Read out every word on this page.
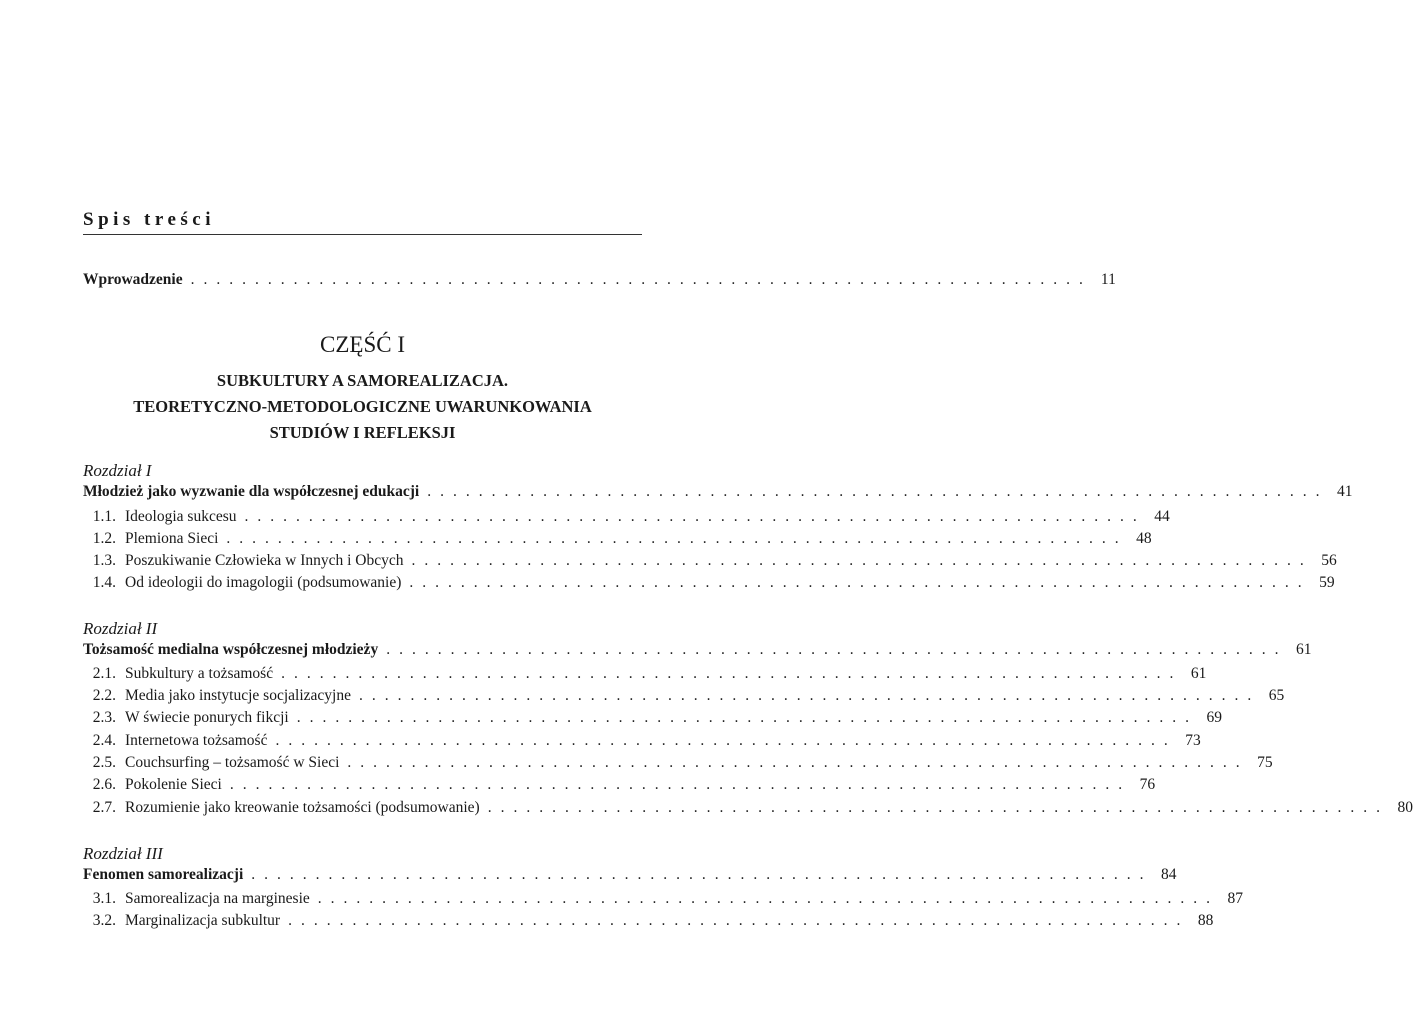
Spis treści
Wprowadzenie ...................................................................... 11
CZĘŚĆ I
SUBKULTURY A SAMOREALIZACJA.
TEORETYCZNO-METODOLOGICZNE UWARUNKOWANIA
STUDIÓW I REFLEKSJI
Rozdział I
Młodzież jako wyzwanie dla współczesnej edukacji ...................................................................... 41
1.1. Ideologia sukcesu ...................................................................... 44
1.2. Plemiona Sieci ...................................................................... 48
1.3. Poszukiwanie Człowieka w Innych i Obcych ...................................................................... 56
1.4. Od ideologii do imagologii (podsumowanie) ...................................................................... 59
Rozdział II
Tożsamość medialna współczesnej młodzieży ...................................................................... 61
2.1. Subkultury a tożsamość ...................................................................... 61
2.2. Media jako instytucje socjalizacyjne ...................................................................... 65
2.3. W świecie ponurych fikcji ...................................................................... 69
2.4. Internetowa tożsamość ...................................................................... 73
2.5. Couchsurfing – tożsamość w Sieci ...................................................................... 75
2.6. Pokolenie Sieci ...................................................................... 76
2.7. Rozumienie jako kreowanie tożsamości (podsumowanie) ...................................................................... 80
Rozdział III
Fenomen samorealizacji ...................................................................... 84
3.1. Samorealizacja na marginesie ...................................................................... 87
3.2. Marginalizacja subkultur ...................................................................... 88
